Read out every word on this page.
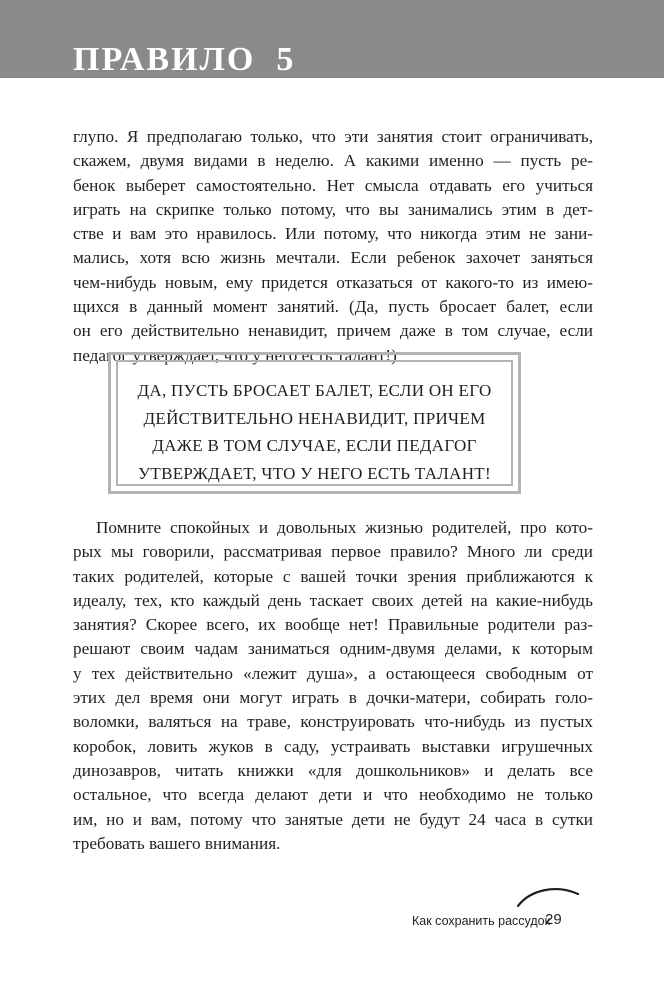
ПРАВИЛО  5
глупо. Я предполагаю только, что эти занятия стоит ограничивать,
скажем, двумя видами в неделю. А какими именно — пусть ре-
бенок выберет самостоятельно. Нет смысла отдавать его учиться
играть на скрипке только потому, что вы занимались этим в дет-
стве и вам это нравилось. Или потому, что никогда этим не зани-
мались, хотя всю жизнь мечтали. Если ребенок захочет заняться
чем-нибудь новым, ему придется отказаться от какого-то из имею-
щихся в данный момент занятий. (Да, пусть бросает балет, если
он его действительно ненавидит, причем даже в том случае, если
педагог утверждает, что у него есть талант!)
ДА, ПУСТЬ БРОСАЕТ БАЛЕТ, ЕСЛИ ОН ЕГО
ДЕЙСТВИТЕЛЬНО НЕНАВИДИТ, ПРИЧЕМ
ДАЖЕ В ТОМ СЛУЧАЕ, ЕСЛИ ПЕДАГОГ
УТВЕРЖДАЕТ, ЧТО У НЕГО ЕСТЬ ТАЛАНТ!
Помните спокойных и довольных жизнью родителей, про кото-
рых мы говорили, рассматривая первое правило? Много ли среди
таких родителей, которые с вашей точки зрения приближаются к
идеалу, тех, кто каждый день таскает своих детей на какие-нибудь
занятия? Скорее всего, их вообще нет! Правильные родители раз-
решают своим чадам заниматься одним-двумя делами, к которым
у тех действительно «лежит душа», а остающееся свободным от
этих дел время они могут играть в дочки-матери, собирать голо-
воломки, валяться на траве, конструировать что-нибудь из пустых
коробок, ловить жуков в саду, устраивать выставки игрушечных
динозавров, читать книжки «для дошкольников» и делать все
остальное, что всегда делают дети и что необходимо не только
им, но и вам, потому что занятые дети не будут 24 часа в сутки
требовать вашего внимания.
Как сохранить рассудок
29
